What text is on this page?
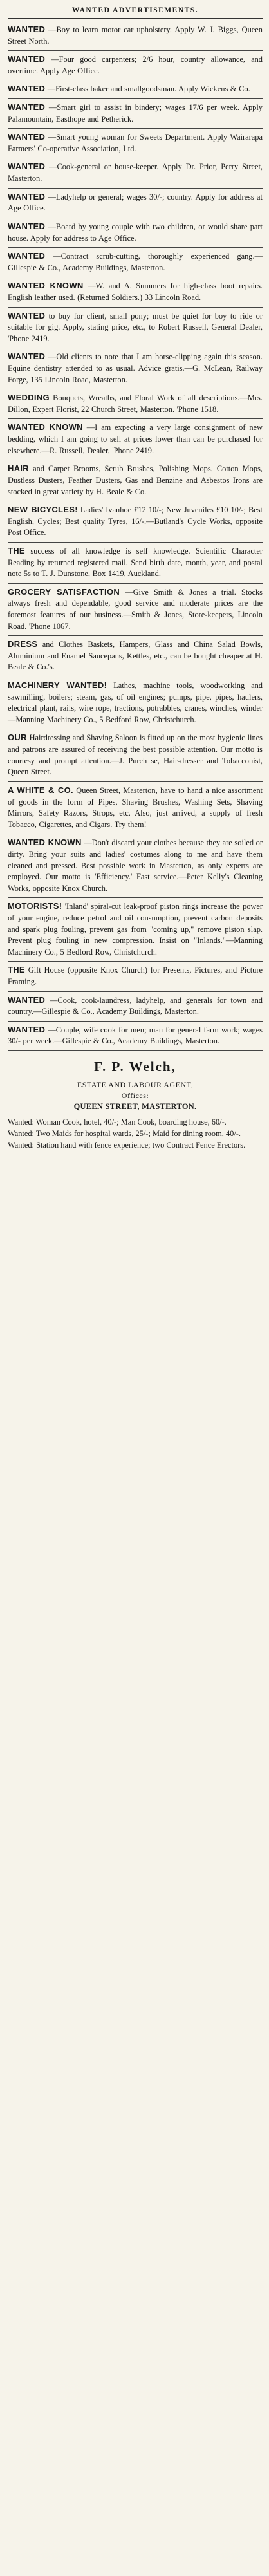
WANTED ADVERTISEMENTS.
WANTED —Boy to learn motor car upholstery. Apply W. J. Biggs, Queen Street North.
WANTED —Four good carpenters; 2/6 hour, country allowance, and overtime. Apply Age Office.
WANTED —First-class baker and smallgoodsman. Apply Wickens & Co.
WANTED —Smart girl to assist in bindery; wages 17/6 per week. Apply Palamountain, Easthope and Petherick.
WANTED —Smart young woman for Sweets Department. Apply Wairarapa Farmers' Co-operative Association, Ltd.
WANTED —Cook-general or house-keeper. Apply Dr. Prior, Perry Street, Masterton.
WANTED —Ladyhelp or general; wages 30/-; country. Apply for address at Age Office.
WANTED —Board by young couple with two children, or would share part house. Apply for address to Age Office.
WANTED —Contract scrub-cutting, thoroughly experienced gang.—Gillespie & Co., Academy Buildings, Masterton.
WANTED KNOWN —W. and A. Summers for high-class boot repairs. English leather used. (Returned Soldiers.) 33 Lincoln Road.
WANTED to buy for client, small pony; must be quiet for boy to ride or suitable for gig. Apply, stating price, etc., to Robert Russell, General Dealer, 'Phone 2419.
WANTED —Old clients to note that I am horse-clipping again this season. Equine dentistry attended to as usual. Advice gratis.—G. McLean, Railway Forge, 135 Lincoln Road, Masterton.
WEDDING Bouquets, Wreaths, and Floral Work of all descriptions.—Mrs. Dillon, Expert Florist, 22 Church Street, Masterton. 'Phone 1518.
WANTED KNOWN —I am expecting a very large consignment of new bedding, which I am going to sell at prices lower than can be purchased for elsewhere.—R. Russell, Dealer, 'Phone 2419.
HAIR and Carpet Brooms, Scrub Brushes, Polishing Mops, Cotton Mops, Dustless Dusters, Feather Dusters, Gas and Benzine and Asbestos Irons are stocked in great variety by H. Beale & Co.
NEW BICYCLES! Ladies' Ivanhoe £12 10/-; New Juveniles £10 10/-; Best English, Cycles; Best quality Tyres, 16/-.—Butland's Cycle Works, opposite Post Office.
THE success of all knowledge is self knowledge. Scientific Character Reading by returned registered mail. Send birth date, month, year, and postal note 5s to T. J. Dunstone, Box 1419, Auckland.
GROCERY SATISFACTION —Give Smith & Jones a trial. Stocks always fresh and dependable, good service and moderate prices are the foremost features of our business.—Smith & Jones, Store-keepers, Lincoln Road. 'Phone 1067.
DRESS and Clothes Baskets, Hampers, Glass and China Salad Bowls, Aluminium and Enamel Saucepans, Kettles, etc., can be bought cheaper at H. Beale & Co.'s.
MACHINERY WANTED! Lathes, machine tools, woodworking and sawmilling, boilers; steam, gas, of oil engines; pumps, pipe, pipes, haulers, electrical plant, rails, wire rope, tractions, potrabbles, cranes, winches, winder—Manning Machinery Co., 5 Bedford Row, Christchurch.
OUR Hairdressing and Shaving Saloon is fitted up on the most hygienic lines and patrons are assured of receiving the best possible attention. Our motto is courtesy and prompt attention.—J. Purch se, Hair-dresser and Tobacconist, Queen Street.
A WHITE & CO. Queen Street, Masterton, have to hand a nice assortment of goods in the form of Pipes, Shaving Brushes, Washing Sets, Shaving Mirrors, Safety Razors, Strops, etc. Also, just arrived, a supply of fresh Tobacco, Cigarettes, and Cigars. Try them!
WANTED KNOWN —Don't discard your clothes because they are soiled or dirty. Bring your suits and ladies' costumes along to me and have them cleaned and pressed. Best possible work in Masterton, as only experts are employed. Our motto is 'Efficiency.' Fast service.—Peter Kelly's Cleaning Works, opposite Knox Church.
MOTORISTS! 'Inland' spiral-cut leak-proof piston rings increase the power of your engine, reduce petrol and oil consumption, prevent carbon deposits and spark plug fouling, prevent gas from "coming up," remove piston slap. Prevent plug fouling in new compression. Insist on "Inlands."—Manning Machinery Co., 5 Bedford Row, Christchurch.
THE Gift House (opposite Knox Church) for Presents, Pictures, and Picture Framing.
WANTED —Cook, cook-laundress, ladyhelp, and generals for town and country.—Gillespie & Co., Academy Buildings, Masterton.
WANTED —Couple, wife cook for men; man for general farm work; wages 30/- per week.—Gillespie & Co., Academy Buildings, Masterton.
F. P. Welch,
ESTATE AND LABOUR AGENT,
Offices:
QUEEN STREET, MASTERTON.

Wanted: Woman Cook, hotel, 40/-; Man Cook, boarding house, 60/-.

Wanted: Two Maids for hospital wards, 25/-; Maid for dining room, 40/-.

Wanted: Station hand with fence experience; two Contract Fence Erectors.
